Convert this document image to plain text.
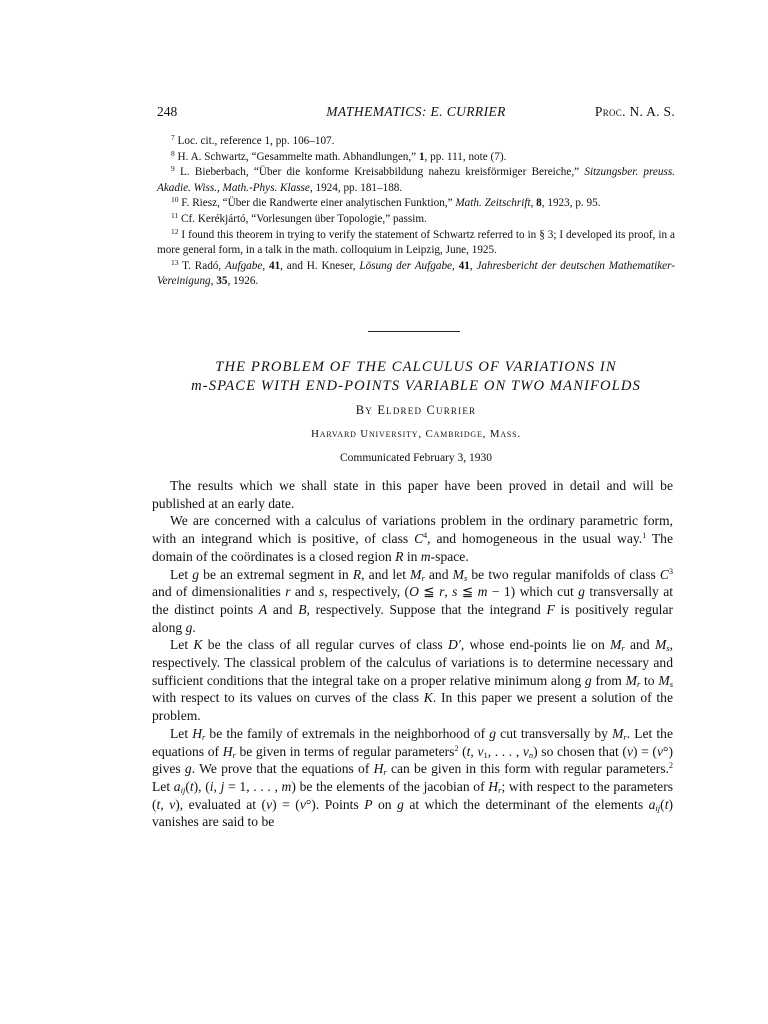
248	MATHEMATICS: E. CURRIER	Proc. N. A. S.

$^7$ Loc. cit., reference 1, pp. 106–107.

$^8$ H. A. Schwartz, “Gesammelte math. Abhandlungen,” 1, pp. 111, note (7).

$^9$ L. Bieberbach, “Über die konforme Kreisabbildung nahezu kreisförmiger Bereiche,” Sitzungsber. preuss. Akadie. Wiss., Math.-Phys. Klasse, 1924, pp. 181–188.

$^{10}$ F. Riesz, “Über die Randwerte einer analytischen Funktion,” Math. Zeitschrift, 8, 1923, p. 95.

$^{11}$ Cf. Kerékjártó, “Vorlesungen über Topologie,” passim.

$^{12}$ I found this theorem in trying to verify the statement of Schwartz referred to in § 3; I developed its proof, in a more general form, in a talk in the math. colloquium in Leipzig, June, 1925.

$^{13}$ T. Radó, Aufgabe, 41, and H. Kneser, Lösung der Aufgabe, 41, Jahresbericht der deutschen Mathematiker-Vereinigung, 35, 1926.

THE PROBLEM OF THE CALCULUS OF VARIATIONS IN
m-SPACE WITH END-POINTS VARIABLE ON TWO MANIFOLDS
By Eldred Currier
Harvard University, Cambridge, Mass.
Communicated February 3, 1930

The results which we shall state in this paper have been proved in detail and will be published at an early date.

We are concerned with a calculus of variations problem in the ordinary parametric form, with an integrand which is positive, of class $C^4$, and homogeneous in the usual way.$^1$ The domain of the coördinates is a closed region R in m-space.

Let g be an extremal segment in R, and let $M_r$ and $M_s$ be two regular manifolds of class $C^3$ and of dimensionalities r and s, respectively, (O ≦ r, s ≦ m − 1) which cut g transversally at the distinct points A and B, respectively. Suppose that the integrand F is positively regular along g.

Let K be the class of all regular curves of class D′, whose end-points lie on $M_r$ and $M_s$, respectively. The classical problem of the calculus of variations is to determine necessary and sufficient conditions that the integral take on a proper relative minimum along g from $M_r$ to $M_s$ with respect to its values on curves of the class K. In this paper we present a solution of the problem.

Let $H_r$ be the family of extremals in the neighborhood of g cut transversally by $M_r$. Let the equations of $H_r$ be given in terms of regular parameters$^2$ (t, $v_1$, . . . , $v_n$) so chosen that (v) = (v°) gives g. We prove that the equations of $H_r$ can be given in this form with regular parameters.$^2$ Let $a_{ij}(t)$, (i, j = 1, . . . , m) be the elements of the jacobian of $H_r$; with respect to the parameters (t, v), evaluated at (v) = (v°). Points P on g at which the determinant of the elements $a_{ij}(t)$ vanishes are said to be
